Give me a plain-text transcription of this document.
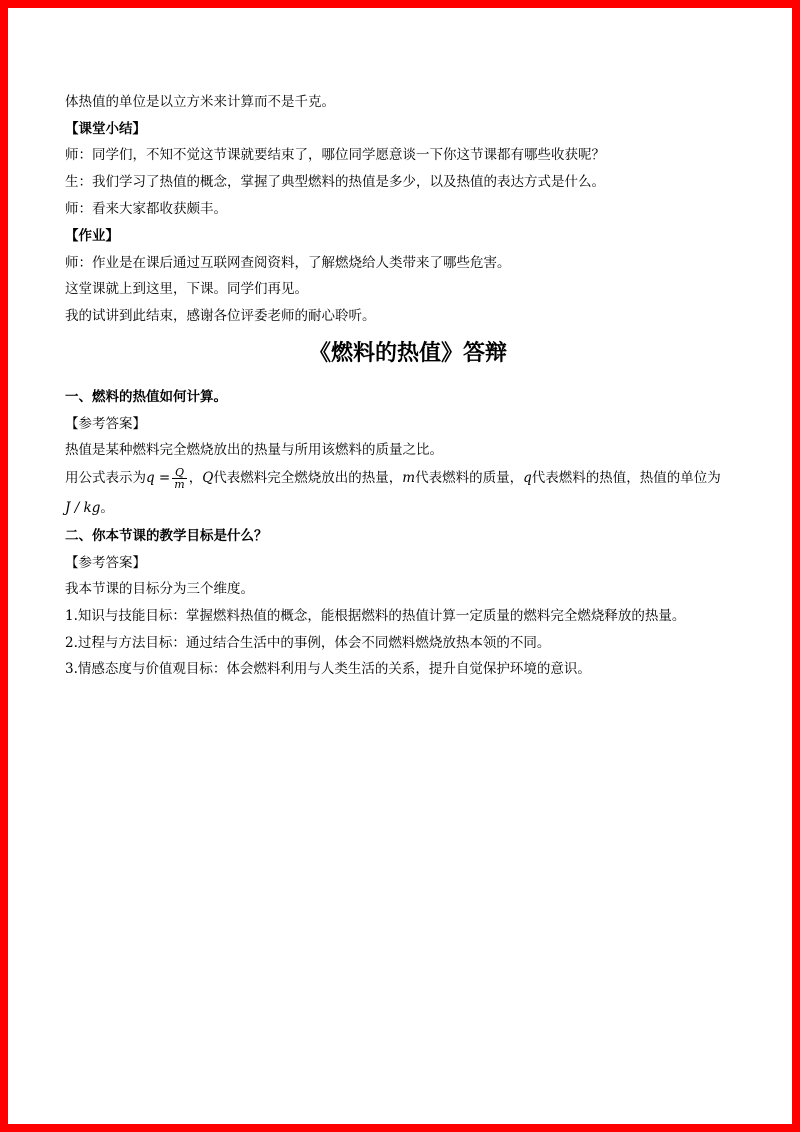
体热值的单位是以立方米来计算而不是千克。
【课堂小结】
师：同学们，不知不觉这节课就要结束了，哪位同学愿意谈一下你这节课都有哪些收获呢？
生：我们学习了热值的概念，掌握了典型燃料的热值是多少，以及热值的表达方式是什么。
师：看来大家都收获颇丰。
【作业】
师：作业是在课后通过互联网查阅资料，了解燃烧给人类带来了哪些危害。
这堂课就上到这里，下课。同学们再见。
我的试讲到此结束，感谢各位评委老师的耐心聆听。
《燃料的热值》答辩
一、燃料的热值如何计算。
【参考答案】
热值是某种燃料完全燃烧放出的热量与所用该燃料的质量之比。
用公式表示为$q = \frac{Q}{m}$ ，Q代表燃料完全燃烧放出的热量，m代表燃料的质量，q代表燃料的热值，热值的单位为
J / kg。
二、你本节课的教学目标是什么？
【参考答案】
我本节课的目标分为三个维度。
1.知识与技能目标：掌握燃料热值的概念，能根据燃料的热值计算一定质量的燃料完全燃烧释放的热量。
2.过程与方法目标：通过结合生活中的事例，体会不同燃料燃烧放热本领的不同。
3.情感态度与价值观目标：体会燃料利用与人类生活的关系，提升自觉保护环境的意识。
